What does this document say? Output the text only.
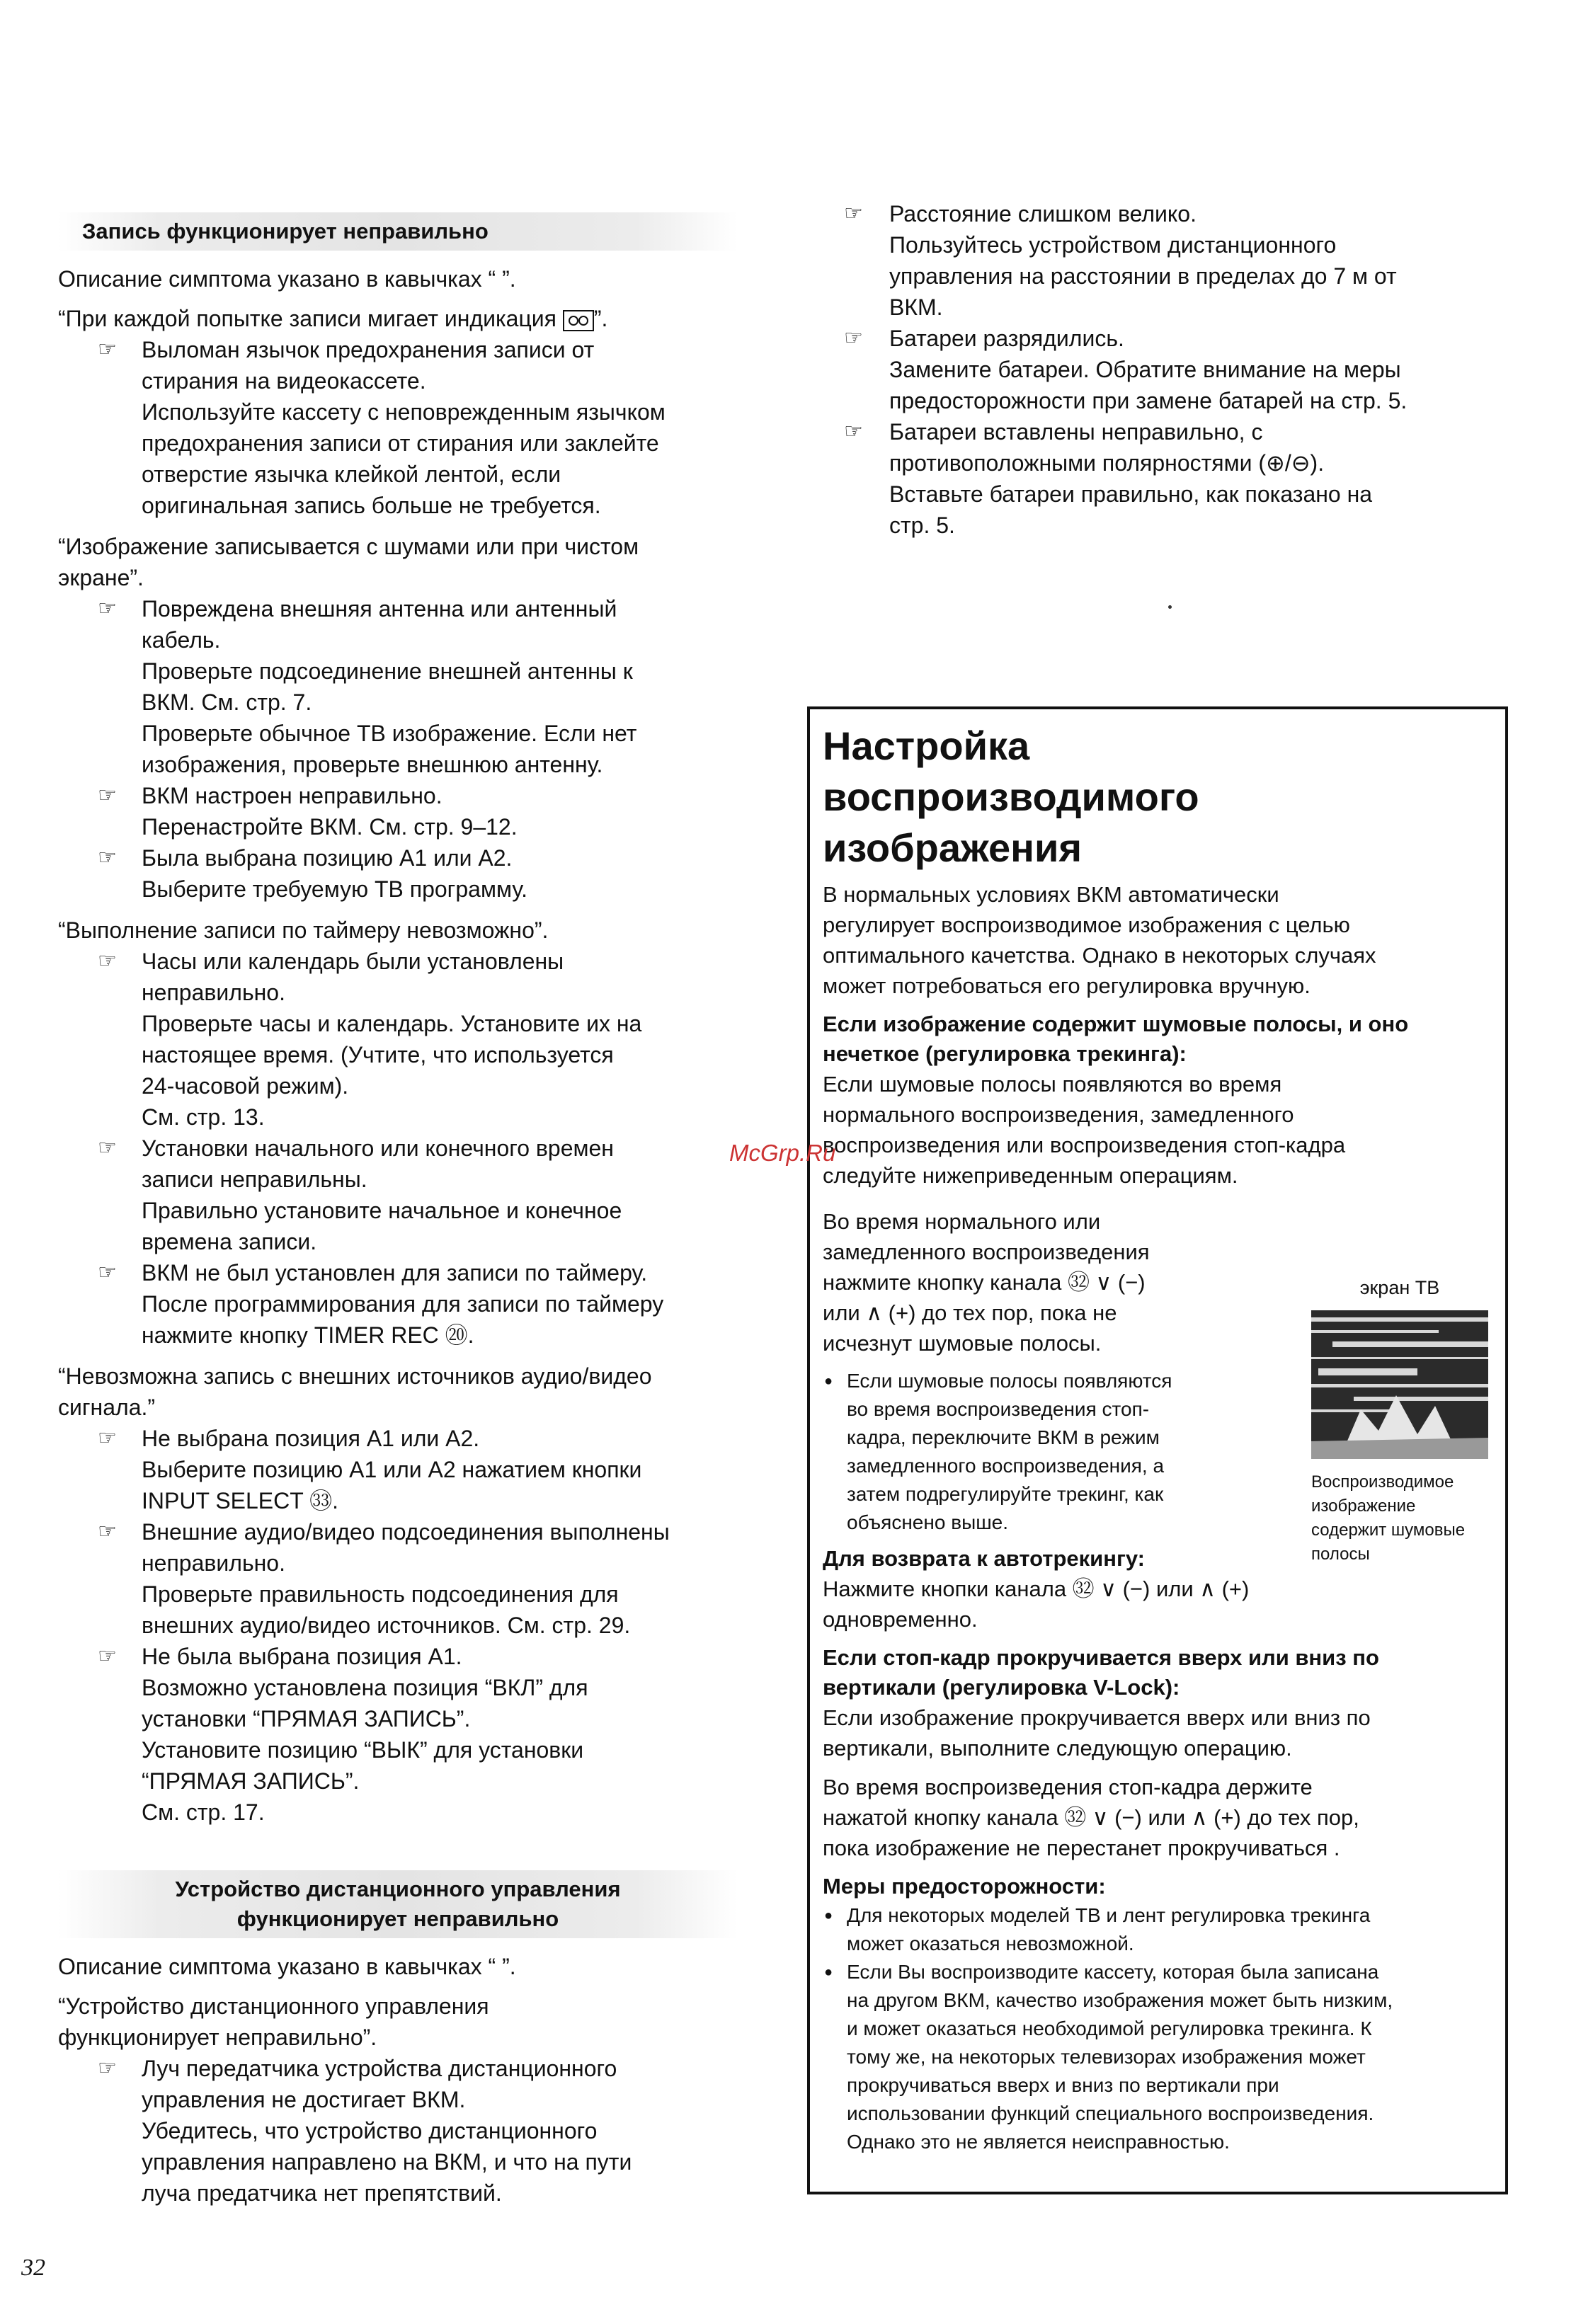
Запись функционирует неправильно
Описание симптома указано в кавычках “ ”.
“При каждой попытке записи мигает индикация ”.
☞ Выломан язычок предохранения записи от
стирания на видеокассете.
Используйте кассету с неповрежденным язычком
предохранения записи от стирания или заклейте
отверстие язычка клейкой лентой, если
оригинальная запись больше не требуется.
“Изображение записывается с шумами или при чистом
экране”.
☞ Повреждена внешняя антенна или антенный
кабель.
Проверьте подсоединение внешней антенны к
ВКМ. См. стр. 7.
Проверьте обычное ТВ изображение. Если нет
изображения, проверьте внешнюю антенну.
☞ ВКМ настроен неправильно.
Перенастройте ВКМ. См. стр. 9–12.
☞ Была выбрана позицию A1 или A2.
Выберите требуемую ТВ программу.
“Выполнение записи по таймеру невозможно”.
☞ Часы или календарь были установлены
неправильно.
Проверьте часы и календарь. Установите их на
настоящее время. (Учтите, что используется
24-часовой режим).
См. стр. 13.
☞ Установки начального или конечного времен
записи неправильны.
Правильно установите начальное и конечное
времена записи.
☞ ВКМ не был установлен для записи по таймеру.
После программирования для записи по таймеру
нажмите кнопку TIMER REC ⑳.
“Невозможна запись с внешних источников аудио/видео
сигнала.”
☞ Не выбрана позиция A1 или A2.
Выберите позицию A1 или A2 нажатием кнопки
INPUT SELECT ㉝.
☞ Внешние аудио/видео подсоединения выполнены
неправильно.
Проверьте правильность подсоединения для
внешних аудио/видео источников. См. стр. 29.
☞ Не была выбрана позиция A1.
Возможно установлена позиция “ВКЛ” для
установки “ПРЯМАЯ ЗАПИСЬ”.
Установите позицию “ВЫК” для установки
“ПРЯМАЯ ЗАПИСЬ”.
См. стр. 17.
Устройство дистанционного управления
функционирует неправильно
Описание симптома указано в кавычках “ ”.
“Устройство дистанционного управления
функционирует неправильно”.
☞ Луч передатчика устройства дистанционного
управления не достигает ВКМ.
Убедитесь, что устройство дистанционного
управления направлено на ВКМ, и что на пути
луча предатчика нет препятствий.
☞ Расстояние слишком велико.
Пользуйтесь устройством дистанционного
управления на расстоянии в пределах до 7 м от
ВКМ.
☞ Батареи разрядились.
Замените батареи. Обратите внимание на меры
предосторожности при замене батарей на стр. 5.
☞ Батареи вставлены неправильно, с
противоположными полярностями (⊕/⊖).
Вставьте батареи правильно, как показано на
стр. 5.
Настройка
воспроизводимого
изображения
В нормальных условиях ВКМ автоматически
регулирует воспроизводимое изображения с целью
оптимального качетства. Однако в некоторых случаях
может потребоваться его регулировка вручную.
Если изображение содержит шумовые полосы, и оно
нечеткое (регулировка трекинга):
Если шумовые полосы появляются во время
нормального воспроизведения, замедленного
воспроизведения или воспроизведения стоп-кадра
следуйте нижеприведенным операциям.
Во время нормального или
замедленного воспроизведения
нажмите кнопку канала ㉜ ∨ (−)
или ∧ (+) до тех пор, пока не
исчезнут шумовые полосы.
● Если шумовые полосы появляются
во время воспроизведения стоп-
кадра, переключите ВКМ в режим
замедленного воспроизведения, а
затем подрегулируйте трекинг, как
объяснено выше.
экран ТВ
Воспроизводимое
изображение
содержит шумовые
полосы
Для возврата к автотрекингу:
Нажмите кнопки канала ㉜ ∨ (−) или ∧ (+)
одновременно.
Если стоп-кадр прокручивается вверх или вниз по
вертикали (регулировка V-Lock):
Если изображение прокручивается вверх или вниз по
вертикали, выполните следующую операцию.
Во время воспроизведения стоп-кадра держите
нажатой кнопку канала ㉜ ∨ (−) или ∧ (+) до тех пор,
пока изображение не перестанет прокручиваться .
Меры предосторожности:
● Для некоторых моделей ТВ и лент регулировка трекинга
может оказаться невозможной.
● Если Вы воспроизводите кассету, которая была записана
на другом ВКМ, качество изображения может быть низким,
и может оказаться необходимой регулировка трекинга. К
тому же, на некоторых телевизорах изображения может
прокручиваться вверх и вниз по вертикали при
использовании функций специального воспроизведения.
Однако это не является неисправностью.
McGrp.Ru
32
